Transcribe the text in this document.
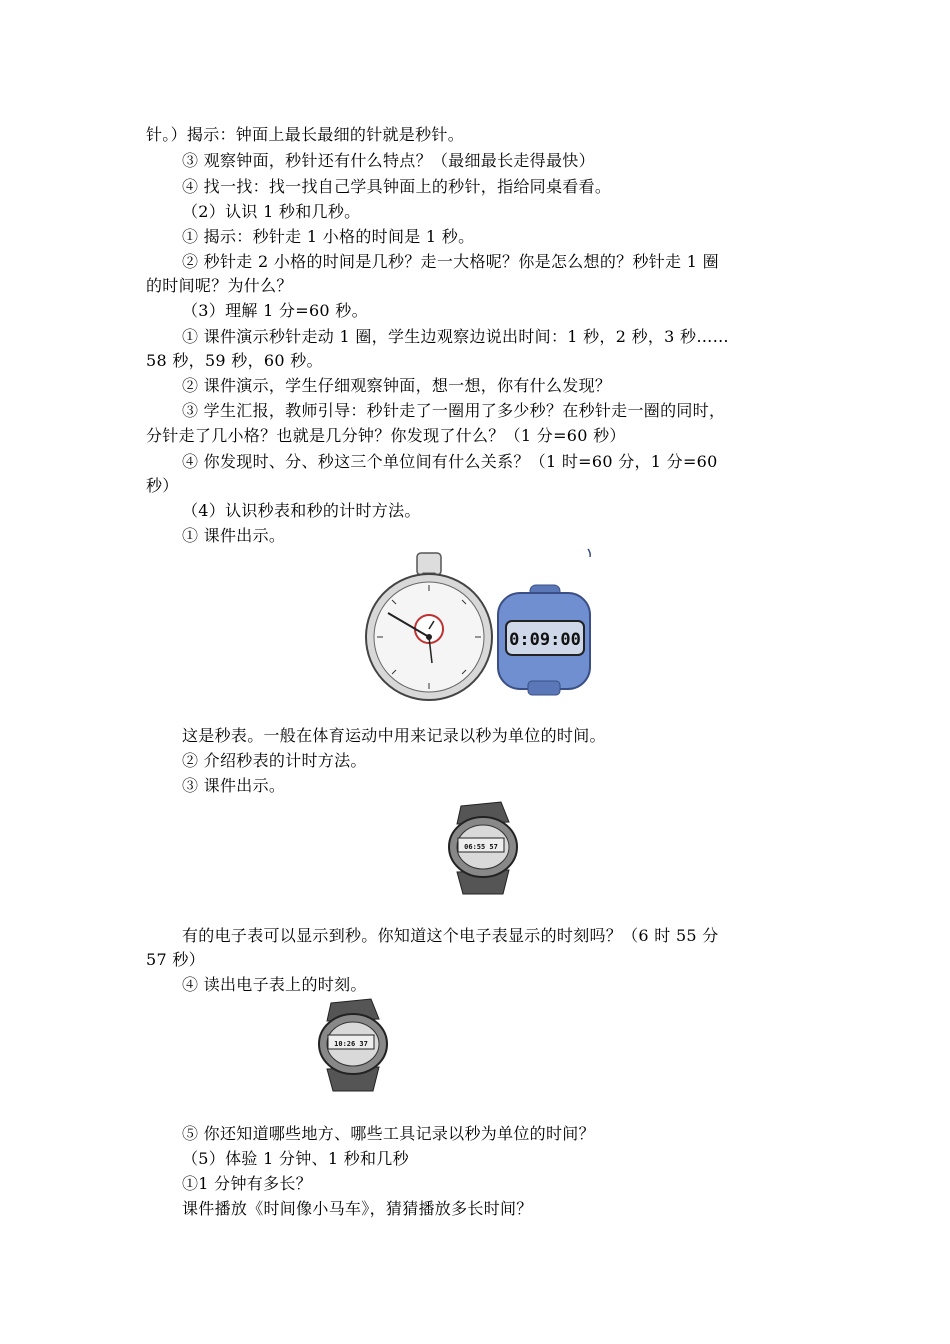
针。）揭示：钟面上最长最细的针就是秒针。
③ 观察钟面，秒针还有什么特点？（最细最长走得最快）
④ 找一找：找一找自己学具钟面上的秒针，指给同桌看看。
（2）认识 1 秒和几秒。
① 揭示：秒针走 1 小格的时间是 1 秒。
② 秒针走 2 小格的时间是几秒？走一大格呢？你是怎么想的？秒针走 1 圈
的时间呢？为什么？
（3）理解 1 分=60 秒。
① 课件演示秒针走动 1 圈，学生边观察边说出时间：1 秒，2 秒，3 秒……
58 秒，59 秒，60 秒。
② 课件演示，学生仔细观察钟面，想一想，你有什么发现？
③ 学生汇报，教师引导：秒针走了一圈用了多少秒？在秒针走一圈的同时，
分针走了几小格？也就是几分钟？你发现了什么？（1 分=60 秒）
④ 你发现时、分、秒这三个单位间有什么关系？（1 时=60 分，1 分=60
秒）
（4）认识秒表和秒的计时方法。
① 课件出示。
0:09:00
这是秒表。一般在体育运动中用来记录以秒为单位的时间。
② 介绍秒表的计时方法。
③ 课件出示。
06:55 57
有的电子表可以显示到秒。你知道这个电子表显示的时刻吗？（6 时 55 分
57 秒）
④ 读出电子表上的时刻。
10:26 37
⑤ 你还知道哪些地方、哪些工具记录以秒为单位的时间？
（5）体验 1 分钟、1 秒和几秒
①1 分钟有多长？
课件播放《时间像小马车》，猜猜播放多长时间？
